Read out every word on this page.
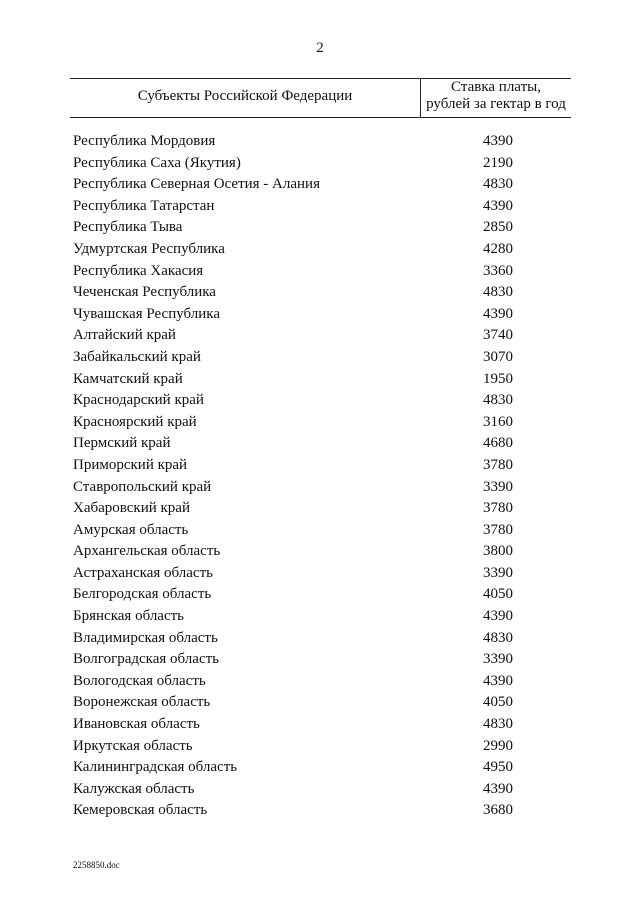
2
Субъекты Российской Федерации
Ставка платы,
рублей за гектар в год
Республика Мордовия	4390
Республика Саха (Якутия)	2190
Республика Северная Осетия - Алания	4830
Республика Татарстан	4390
Республика Тыва	2850
Удмуртская Республика	4280
Республика Хакасия	3360
Чеченская Республика	4830
Чувашская Республика	4390
Алтайский край	3740
Забайкальский край	3070
Камчатский край	1950
Краснодарский край	4830
Красноярский край	3160
Пермский край	4680
Приморский край	3780
Ставропольский край	3390
Хабаровский край	3780
Амурская область	3780
Архангельская область	3800
Астраханская область	3390
Белгородская область	4050
Брянская область	4390
Владимирская область	4830
Волгоградская область	3390
Вологодская область	4390
Воронежская область	4050
Ивановская область	4830
Иркутская область	2990
Калининградская область	4950
Калужская область	4390
Кемеровская область	3680
2258850.doc
